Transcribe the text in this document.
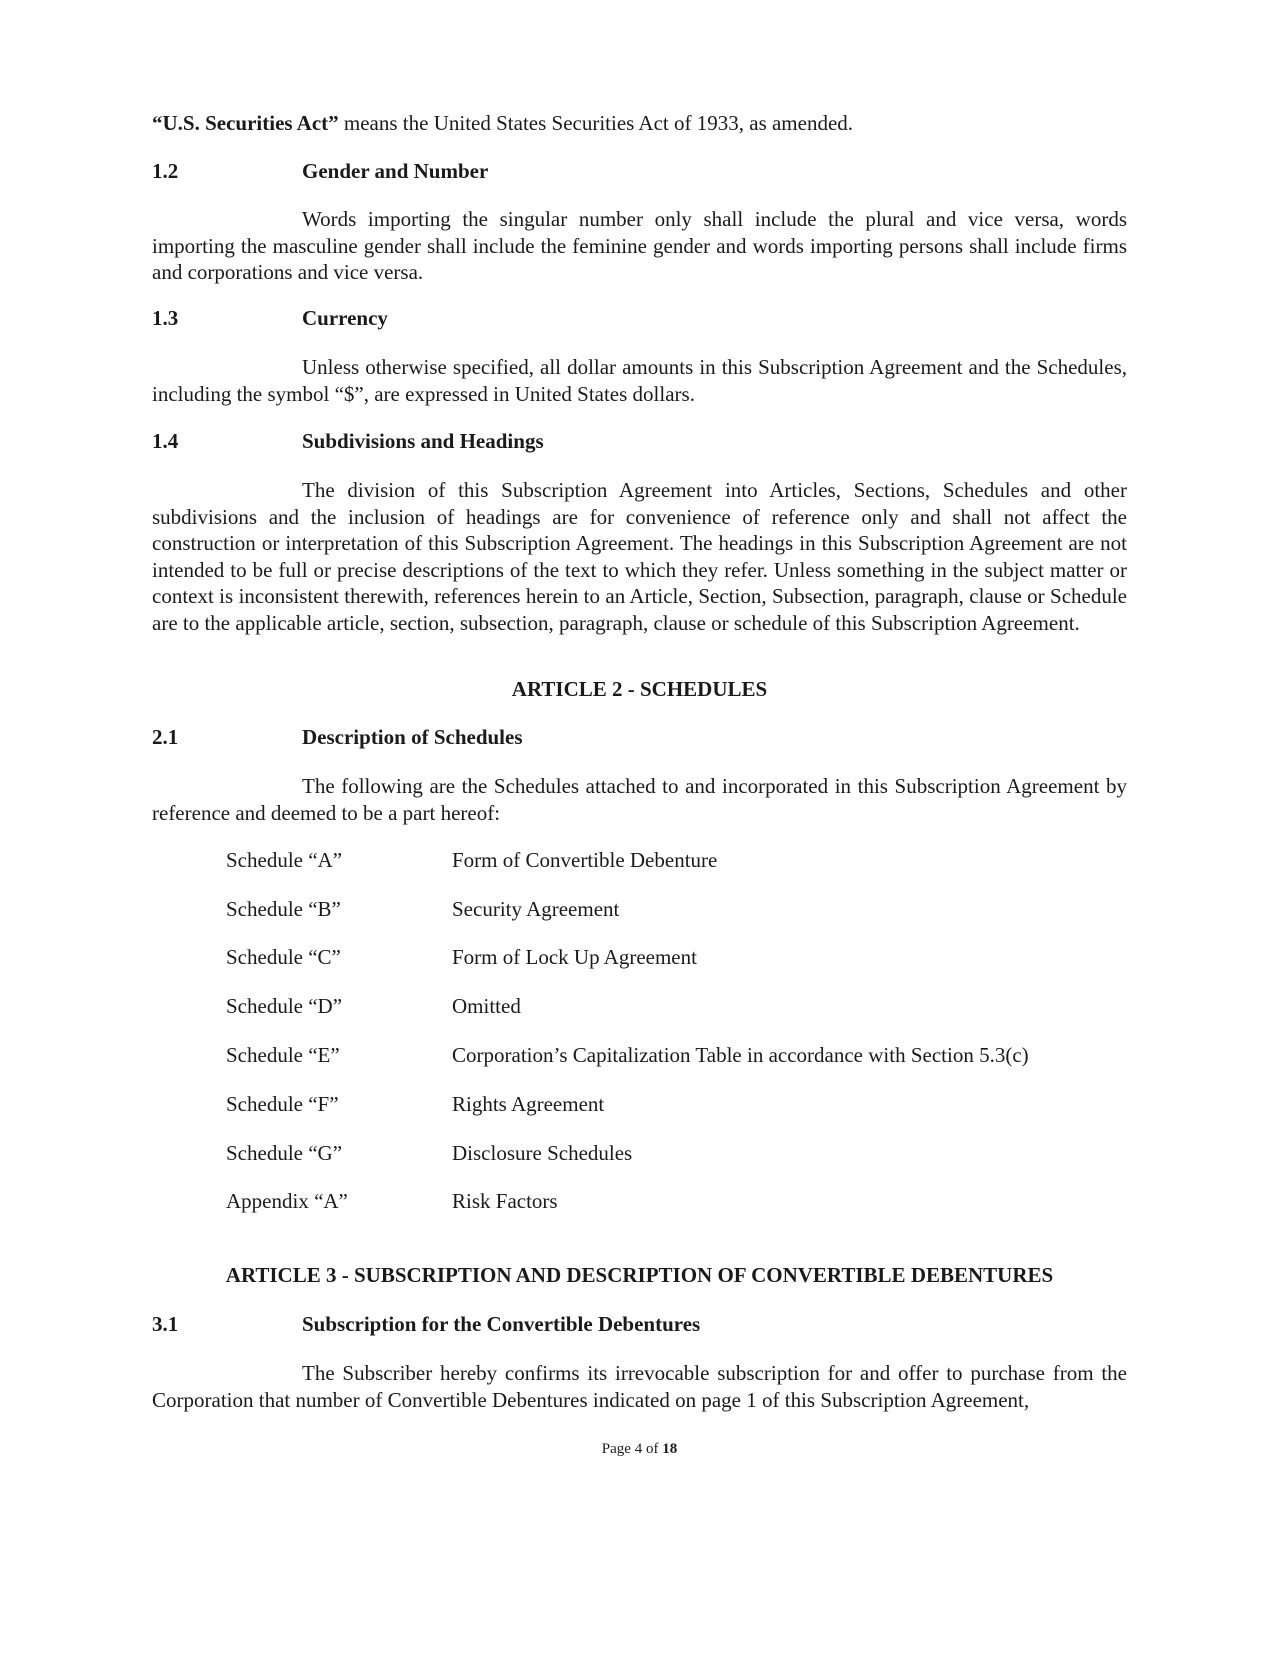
“U.S. Securities Act” means the United States Securities Act of 1933, as amended.

1.2	Gender and Number

Words importing the singular number only shall include the plural and vice versa, words importing the masculine gender shall include the feminine gender and words importing persons shall include firms and corporations and vice versa.

1.3	Currency

Unless otherwise specified, all dollar amounts in this Subscription Agreement and the Schedules, including the symbol “$”, are expressed in United States dollars.

1.4	Subdivisions and Headings

The division of this Subscription Agreement into Articles, Sections, Schedules and other subdivisions and the inclusion of headings are for convenience of reference only and shall not affect the construction or interpretation of this Subscription Agreement. The headings in this Subscription Agreement are not intended to be full or precise descriptions of the text to which they refer. Unless something in the subject matter or context is inconsistent therewith, references herein to an Article, Section, Subsection, paragraph, clause or Schedule are to the applicable article, section, subsection, paragraph, clause or schedule of this Subscription Agreement.

ARTICLE 2 - SCHEDULES

2.1	Description of Schedules

The following are the Schedules attached to and incorporated in this Subscription Agreement by reference and deemed to be a part hereof:

Schedule “A”	Form of Convertible Debenture
Schedule “B”	Security Agreement
Schedule “C”	Form of Lock Up Agreement
Schedule “D”	Omitted
Schedule “E”	Corporation’s Capitalization Table in accordance with Section 5.3(c)
Schedule “F”	Rights Agreement
Schedule “G”	Disclosure Schedules
Appendix “A”	Risk Factors

ARTICLE 3 - SUBSCRIPTION AND DESCRIPTION OF CONVERTIBLE DEBENTURES

3.1	Subscription for the Convertible Debentures

The Subscriber hereby confirms its irrevocable subscription for and offer to purchase from the Corporation that number of Convertible Debentures indicated on page 1 of this Subscription Agreement,

Page 4 of 18
